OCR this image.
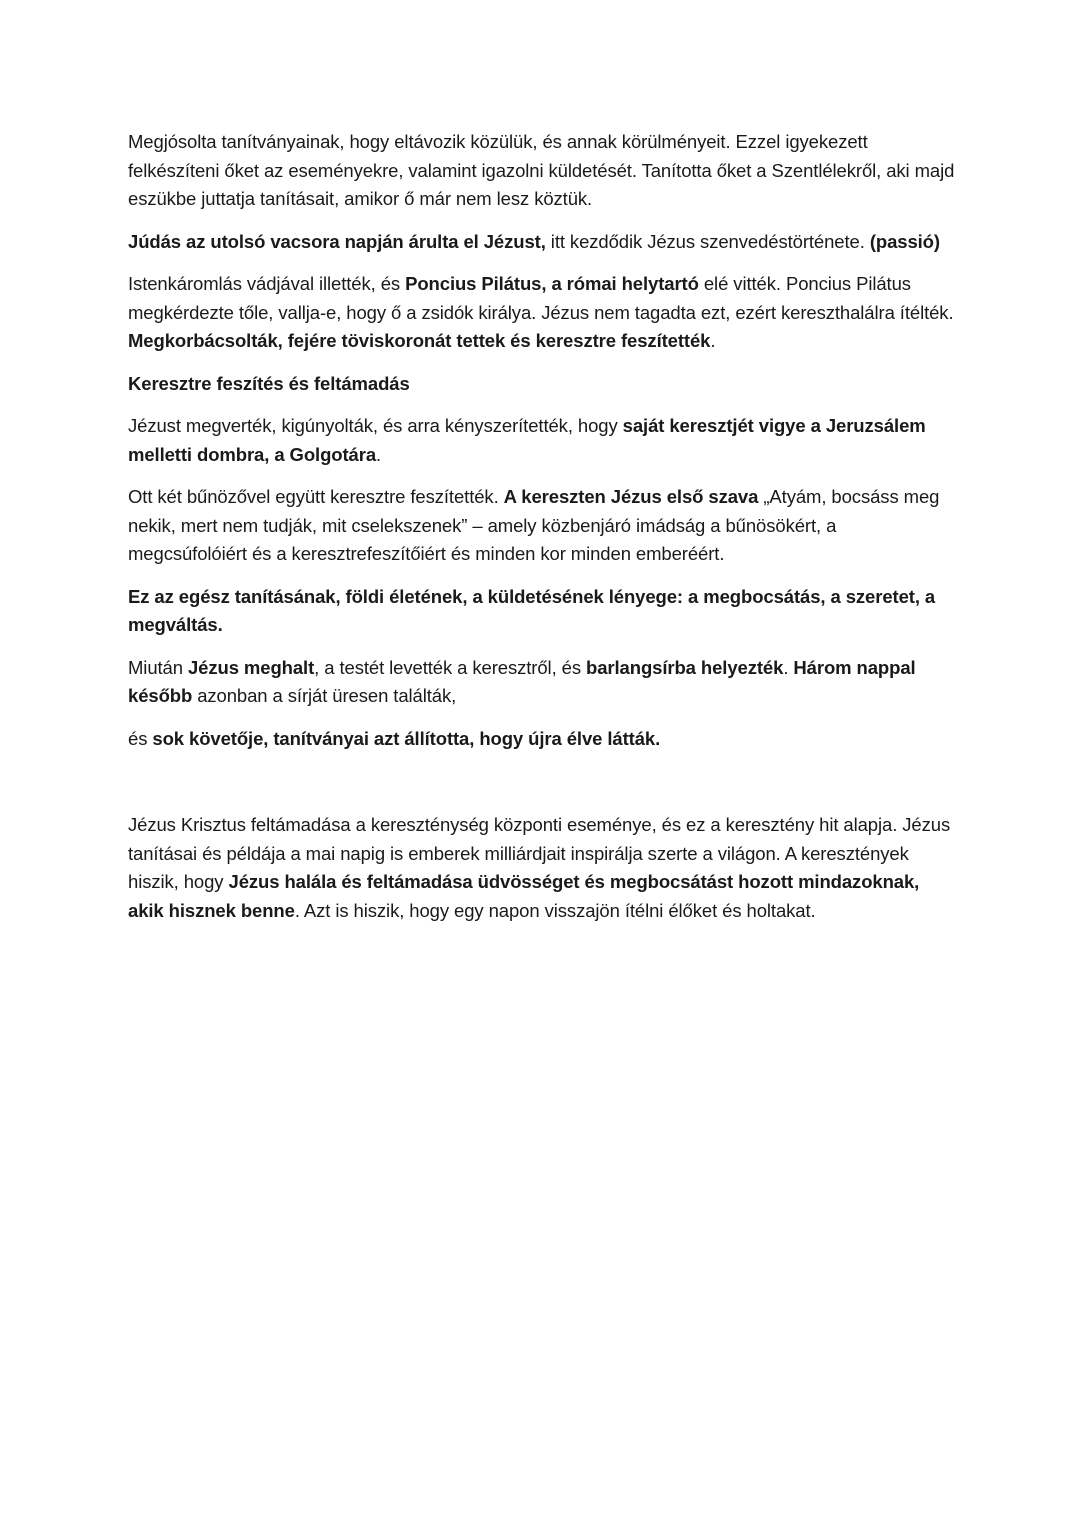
Megjósolta tanítványainak, hogy eltávozik közülük, és annak körülményeit. Ezzel igyekezett felkészíteni őket az eseményekre, valamint igazolni küldetését. Tanította őket a Szentlélekről, aki majd eszükbe juttatja tanításait, amikor ő már nem lesz köztük.

Júdás az utolsó vacsora napján árulta el Jézust, itt kezdődik Jézus szenvedéstörténete. (passió)

Istenkáromlás vádjával illették, és Poncius Pilátus, a római helytartó elé vitték. Poncius Pilátus megkérdezte tőle, vallja-e, hogy ő a zsidók királya. Jézus nem tagadta ezt, ezért kereszthalálra ítélték. Megkorbácsolták, fejére töviskoronát tettek és keresztre feszítették.

Keresztre feszítés és feltámadás

Jézust megverték, kigúnyolták, és arra kényszerítették, hogy saját keresztjét vigye a Jeruzsálem melletti dombra, a Golgotára.

Ott két bűnözővel együtt keresztre feszítették. A kereszten Jézus első szava „Atyám, bocsáss meg nekik, mert nem tudják, mit cselekszenek” – amely közbenjáró imádság a bűnösökért, a megcsúfolóiért és a keresztrefeszítőiért és minden kor minden emberéért.

Ez az egész tanításának, földi életének, a küldetésének lényege: a megbocsátás, a szeretet, a megváltás.

Miután Jézus meghalt, a testét levették a keresztről, és barlangsírba helyezték. Három nappal később azonban a sírját üresen találták,

és sok követője, tanítványai azt állította, hogy újra élve látták.

Jézus Krisztus feltámadása a kereszténység központi eseménye, és ez a keresztény hit alapja. Jézus tanításai és példája a mai napig is emberek milliárdjait inspirálja szerte a világon. A keresztények hiszik, hogy Jézus halála és feltámadása üdvösséget és megbocsátást hozott mindazoknak, akik hisznek benne. Azt is hiszik, hogy egy napon visszajön ítélni élőket és holtakat.
